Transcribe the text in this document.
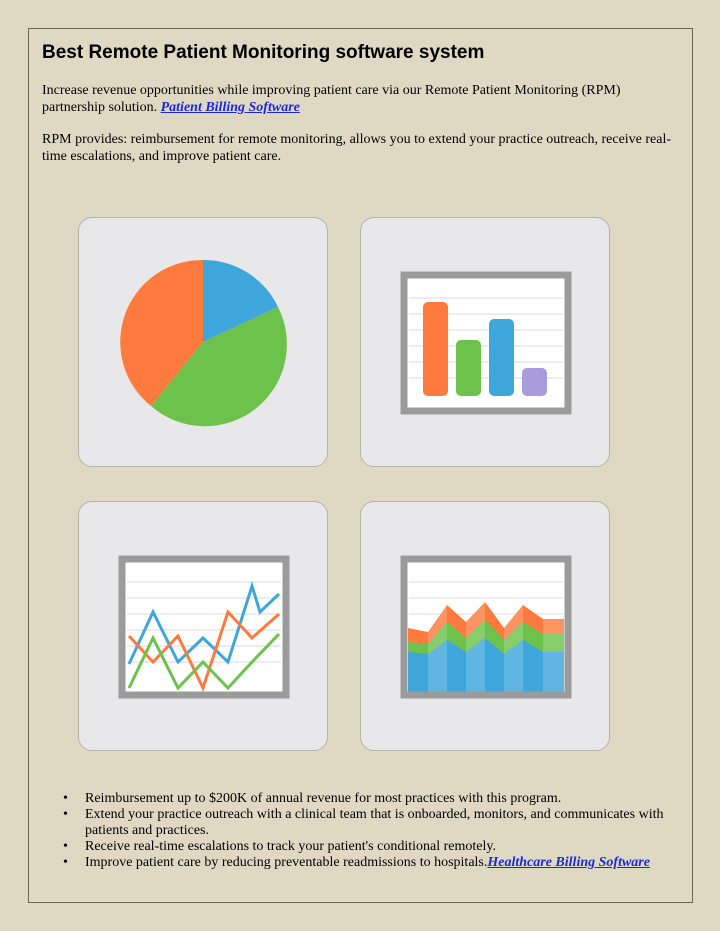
Best Remote Patient Monitoring software system

Increase revenue opportunities while improving patient care via our Remote Patient Monitoring (RPM) partnership solution. Patient Billing Software

RPM provides: reimbursement for remote monitoring, allows you to extend your practice outreach, receive real-time escalations, and improve patient care.

• Reimbursement up to $200K of annual revenue for most practices with this program.
• Extend your practice outreach with a clinical team that is onboarded, monitors, and communicates with patients and practices.
• Receive real-time escalations to track your patient's conditional remotely.
• Improve patient care by reducing preventable readmissions to hospitals.Healthcare Billing Software
